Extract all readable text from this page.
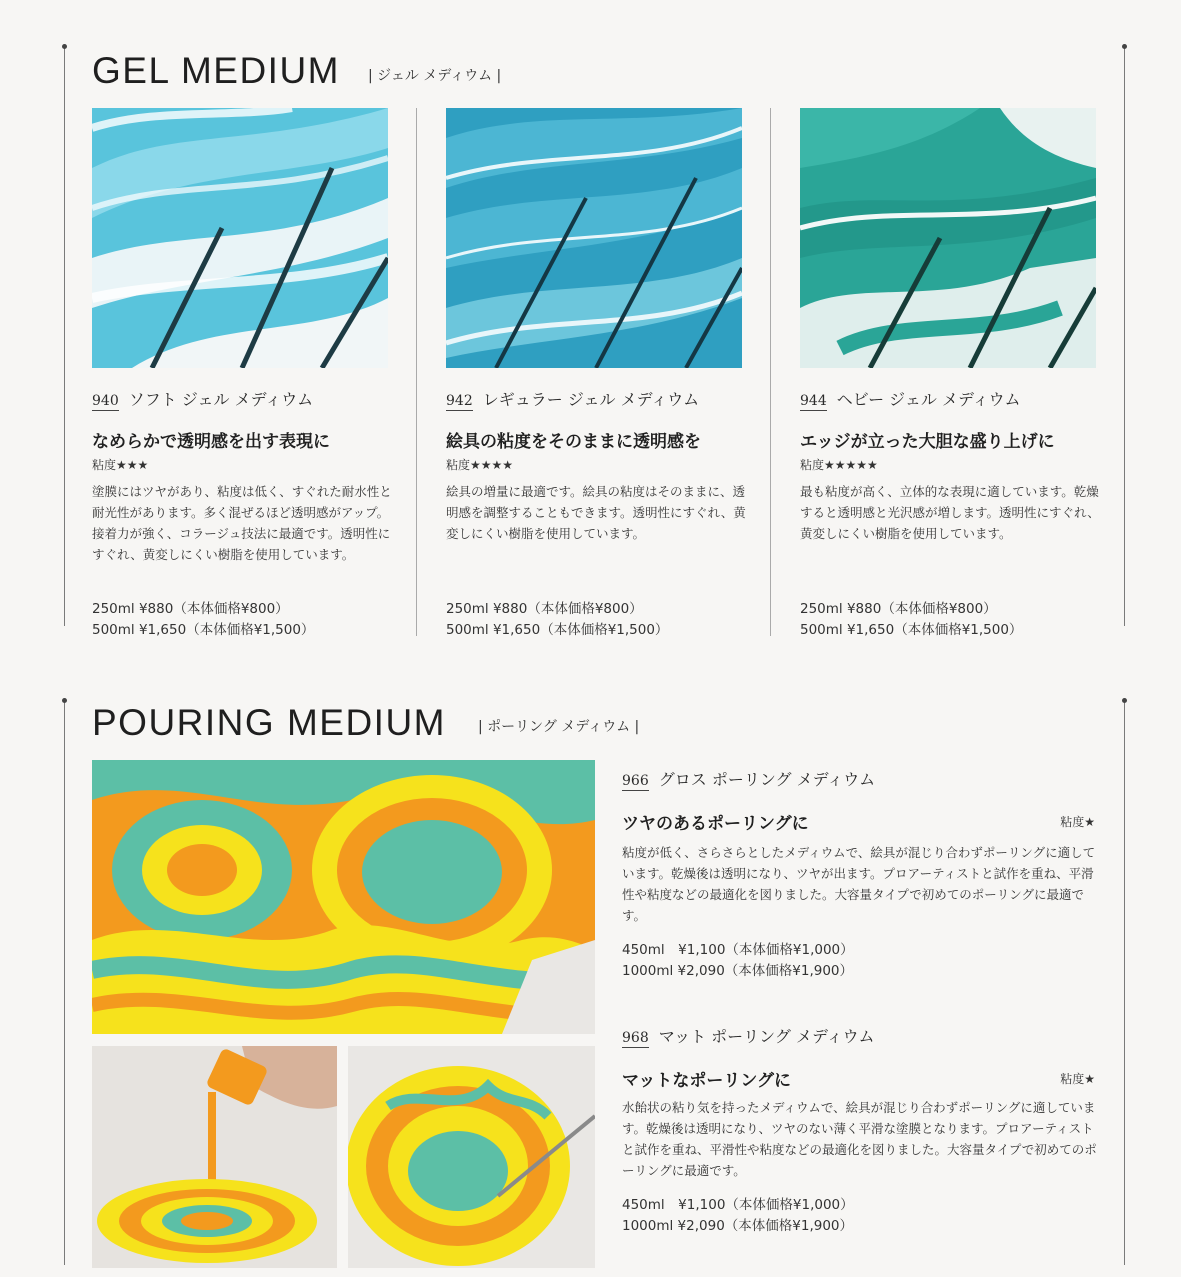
GEL MEDIUM | ジェル メディウム |
940 ソフト ジェル メディウム
なめらかで透明感を出す表現に
粘度★★★
塗膜にはツヤがあり、粘度は低く、すぐれた耐水性と耐光性があります。多く混ぜるほど透明感がアップ。接着力が強く、コラージュ技法に最適です。透明性にすぐれ、黄変しにくい樹脂を使用しています。
250ml ¥880（本体価格¥800）
500ml ¥1,650（本体価格¥1,500）
942 レギュラー ジェル メディウム
絵具の粘度をそのままに透明感を
粘度★★★★
絵具の増量に最適です。絵具の粘度はそのままに、透明感を調整することもできます。透明性にすぐれ、黄変しにくい樹脂を使用しています。
250ml ¥880（本体価格¥800）
500ml ¥1,650（本体価格¥1,500）
944 ヘビー ジェル メディウム
エッジが立った大胆な盛り上げに
粘度★★★★★
最も粘度が高く、立体的な表現に適しています。乾燥すると透明感と光沢感が増します。透明性にすぐれ、黄変しにくい樹脂を使用しています。
250ml ¥880（本体価格¥800）
500ml ¥1,650（本体価格¥1,500）
POURING MEDIUM | ポーリング メディウム |
966 グロス ポーリング メディウム
ツヤのあるポーリングに	粘度★
粘度が低く、さらさらとしたメディウムで、絵具が混じり合わずポーリングに適しています。乾燥後は透明になり、ツヤが出ます。プロアーティストと試作を重ね、平滑性や粘度などの最適化を図りました。大容量タイプで初めてのポーリングに最適です。
450ml　¥1,100（本体価格¥1,000）
1000ml ¥2,090（本体価格¥1,900）
968 マット ポーリング メディウム
マットなポーリングに	粘度★
水飴状の粘り気を持ったメディウムで、絵具が混じり合わずポーリングに適しています。乾燥後は透明になり、ツヤのない薄く平滑な塗膜となります。プロアーティストと試作を重ね、平滑性や粘度などの最適化を図りました。大容量タイプで初めてのポーリングに最適です。
450ml　¥1,100（本体価格¥1,000）
1000ml ¥2,090（本体価格¥1,900）
